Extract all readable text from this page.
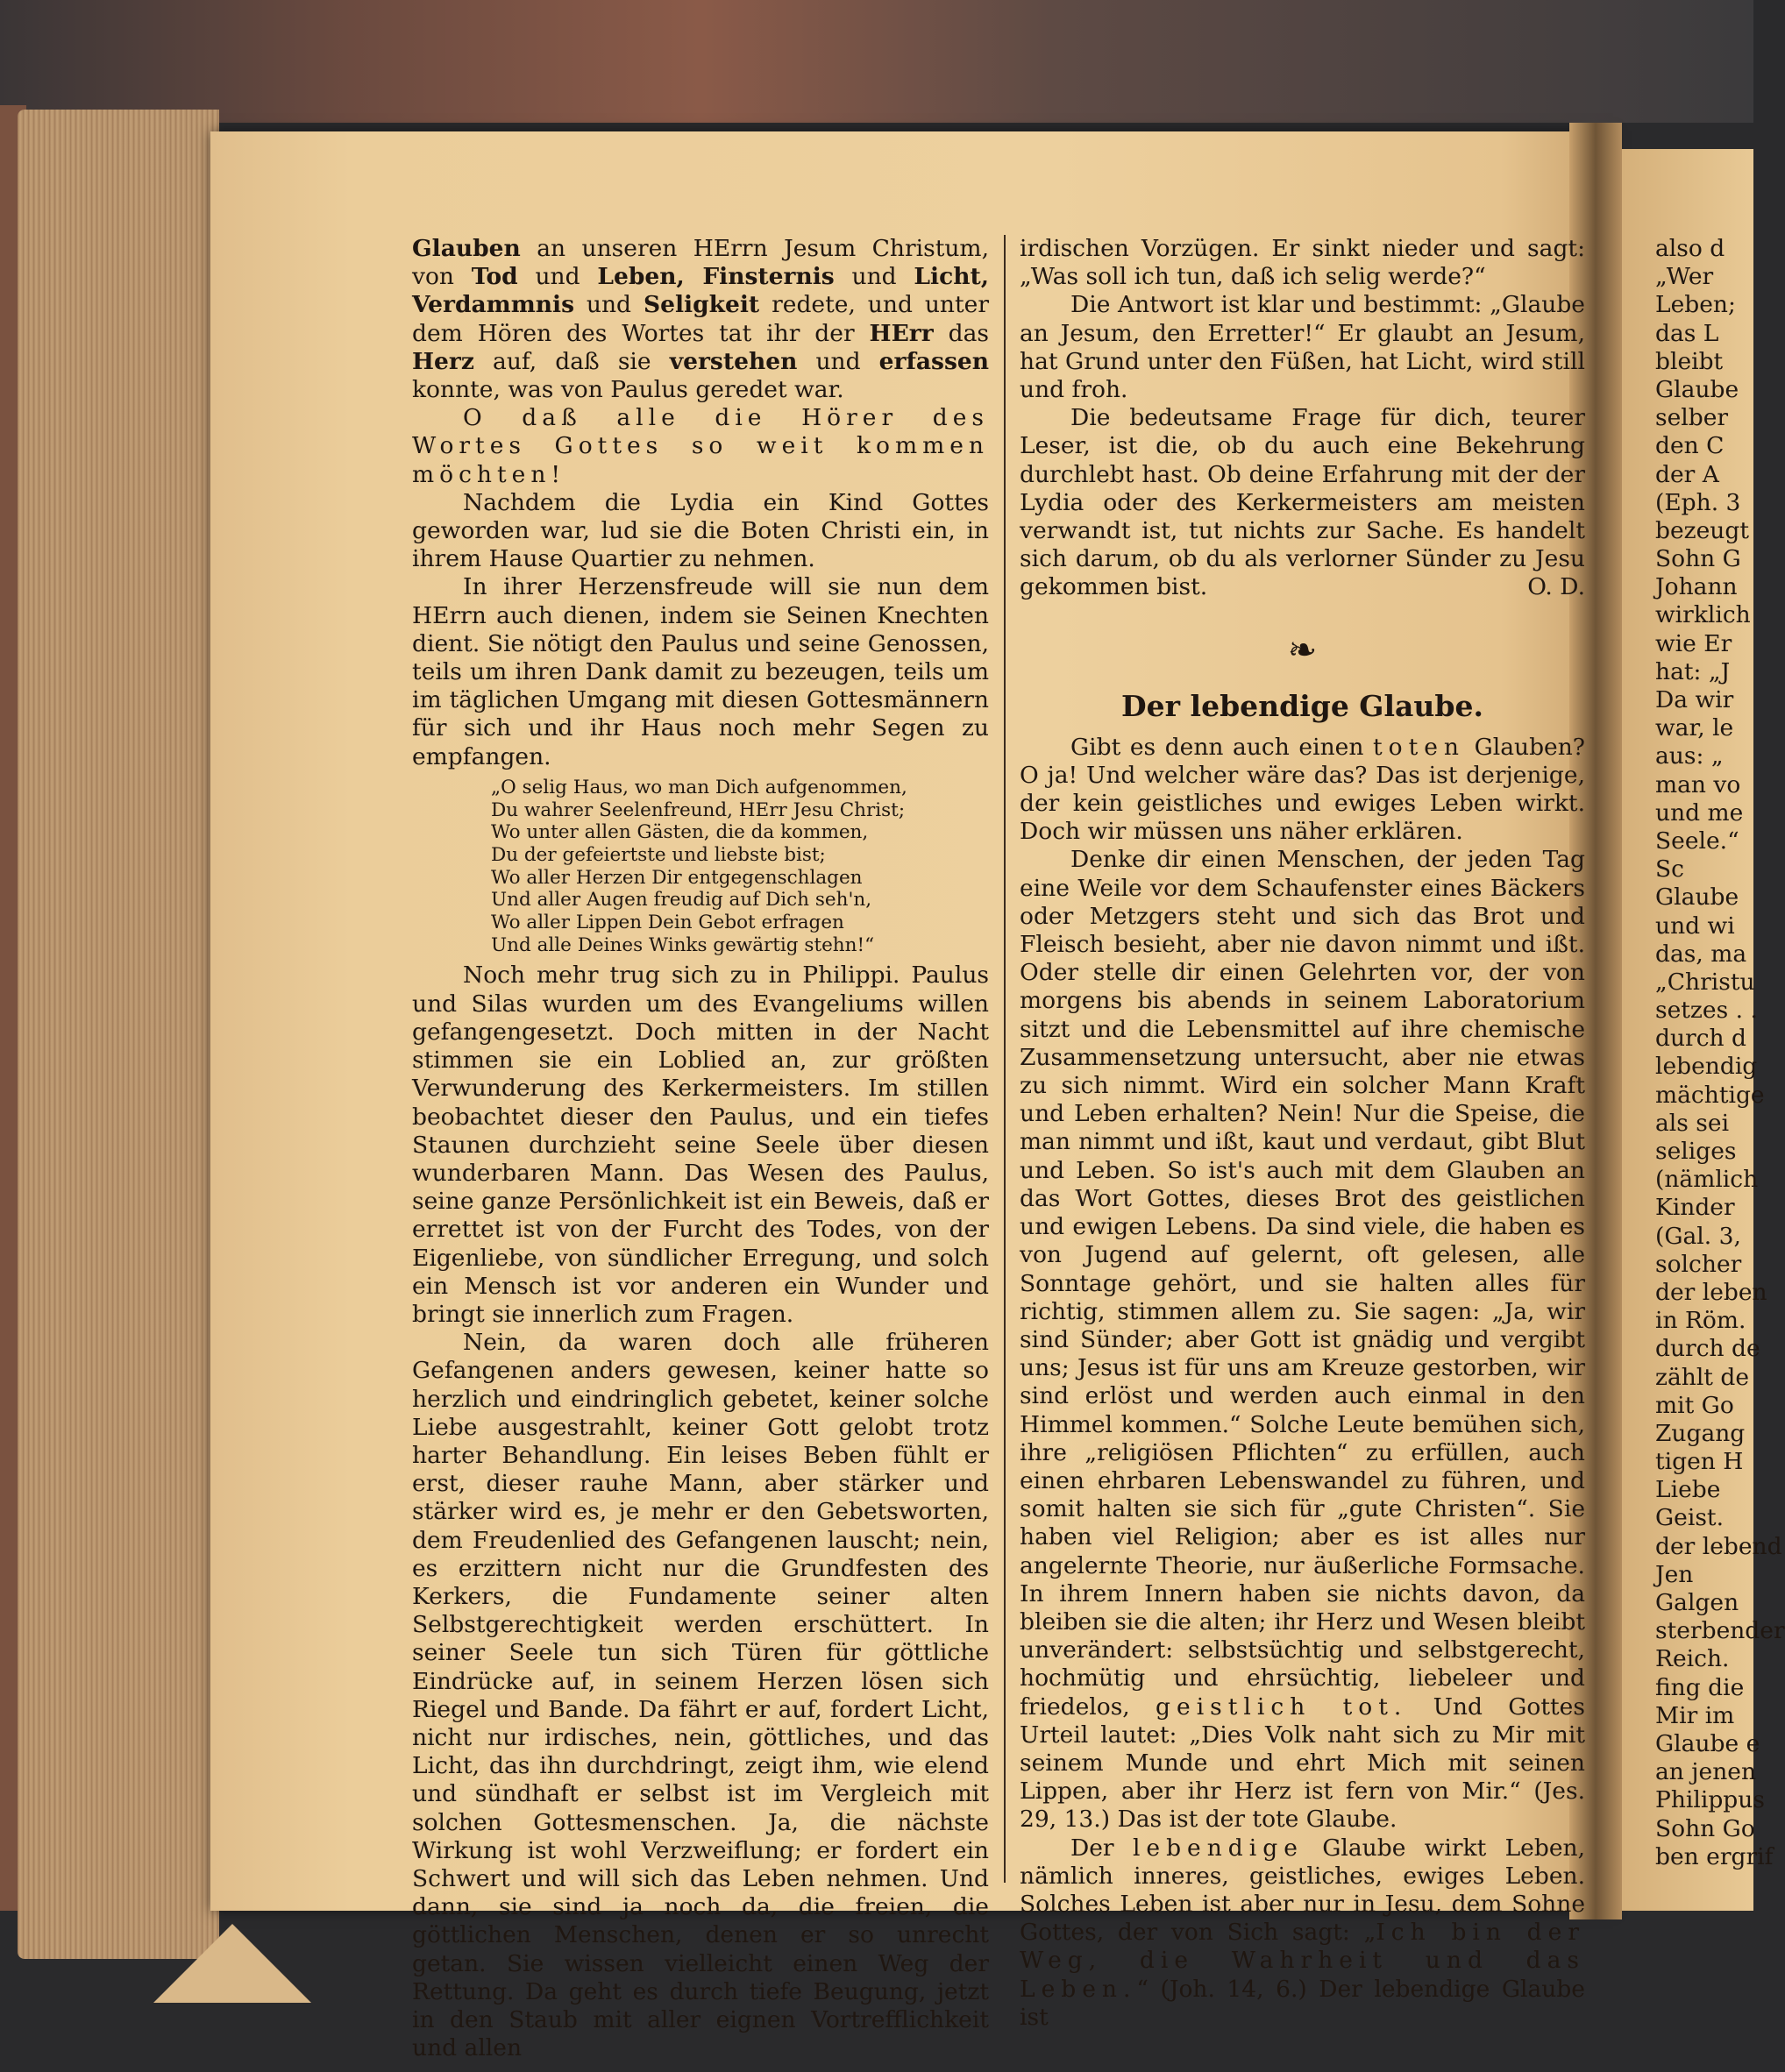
Glauben an unseren HErrn Jesum Christum, von Tod und Leben, Finsternis und Licht, Verdammnis und Seligkeit redete, und unter dem Hören des Wortes tat ihr der HErr das Herz auf, daß sie verstehen und erfassen konnte, was von Paulus geredet war.

O daß alle die Hörer des Wortes Gottes so weit kommen möchten!

Nachdem die Lydia ein Kind Gottes geworden war, lud sie die Boten Christi ein, in ihrem Hause Quartier zu nehmen.

In ihrer Herzensfreude will sie nun dem HErrn auch dienen, indem sie Seinen Knechten dient. Sie nötigt den Paulus und seine Genossen, teils um ihren Dank damit zu bezeugen, teils um im täglichen Umgang mit diesen Gottesmännern für sich und ihr Haus noch mehr Segen zu empfangen.

„O selig Haus, wo man Dich aufgenommen,
Du wahrer Seelenfreund, HErr Jesu Christ;
Wo unter allen Gästen, die da kommen,
Du der gefeiertste und liebste bist;
Wo aller Herzen Dir entgegenschlagen
Und aller Augen freudig auf Dich seh'n,
Wo aller Lippen Dein Gebot erfragen
Und alle Deines Winks gewärtig stehn!“

Noch mehr trug sich zu in Philippi. Paulus und Silas wurden um des Evangeliums willen gefangengesetzt. Doch mitten in der Nacht stimmen sie ein Loblied an, zur größten Verwunderung des Kerkermeisters. Im stillen beobachtet dieser den Paulus, und ein tiefes Staunen durchzieht seine Seele über diesen wunderbaren Mann. Das Wesen des Paulus, seine ganze Persönlichkeit ist ein Beweis, daß er errettet ist von der Furcht des Todes, von der Eigenliebe, von sündlicher Erregung, und solch ein Mensch ist vor anderen ein Wunder und bringt sie innerlich zum Fragen.

Nein, da waren doch alle früheren Gefangenen anders gewesen, keiner hatte so herzlich und eindringlich gebetet, keiner solche Liebe ausgestrahlt, keiner Gott gelobt trotz harter Behandlung. Ein leises Beben fühlt er erst, dieser rauhe Mann, aber stärker und stärker wird es, je mehr er den Gebetsworten, dem Freudenlied des Gefangenen lauscht; nein, es erzittern nicht nur die Grundfesten des Kerkers, die Fundamente seiner alten Selbstgerechtigkeit werden erschüttert. In seiner Seele tun sich Türen für göttliche Eindrücke auf, in seinem Herzen lösen sich Riegel und Bande. Da fährt er auf, fordert Licht, nicht nur irdisches, nein, göttliches, und das Licht, das ihn durchdringt, zeigt ihm, wie elend und sündhaft er selbst ist im Vergleich mit solchen Gottesmenschen. Ja, die nächste Wirkung ist wohl Verzweiflung; er fordert ein Schwert und will sich das Leben nehmen. Und dann, sie sind ja noch da, die freien, die göttlichen Menschen, denen er so unrecht getan. Sie wissen vielleicht einen Weg der Rettung. Da geht es durch tiefe Beugung, jetzt in den Staub mit aller eignen Vortrefflichkeit und allen

irdischen Vorzügen. Er sinkt nieder und sagt: „Was soll ich tun, daß ich selig werde?“

Die Antwort ist klar und bestimmt: „Glaube an Jesum, den Erretter!“ Er glaubt an Jesum, hat Grund unter den Füßen, hat Licht, wird still und froh.

Die bedeutsame Frage für dich, teurer Leser, ist die, ob du auch eine Bekehrung durchlebt hast. Ob deine Erfahrung mit der der Lydia oder des Kerkermeisters am meisten verwandt ist, tut nichts zur Sache. Es handelt sich darum, ob du als verlorner Sünder zu Jesu gekommen bist.	O. D.

❧
Der lebendige Glaube.

Gibt es denn auch einen toten Glauben? O ja! Und welcher wäre das? Das ist derjenige, der kein geistliches und ewiges Leben wirkt. Doch wir müssen uns näher erklären.

Denke dir einen Menschen, der jeden Tag eine Weile vor dem Schaufenster eines Bäckers oder Metzgers steht und sich das Brot und Fleisch besieht, aber nie davon nimmt und ißt. Oder stelle dir einen Gelehrten vor, der von morgens bis abends in seinem Laboratorium sitzt und die Lebensmittel auf ihre chemische Zusammensetzung untersucht, aber nie etwas zu sich nimmt. Wird ein solcher Mann Kraft und Leben erhalten? Nein! Nur die Speise, die man nimmt und ißt, kaut und verdaut, gibt Blut und Leben. So ist's auch mit dem Glauben an das Wort Gottes, dieses Brot des geistlichen und ewigen Lebens. Da sind viele, die haben es von Jugend auf gelernt, oft gelesen, alle Sonntage gehört, und sie halten alles für richtig, stimmen allem zu. Sie sagen: „Ja, wir sind Sünder; aber Gott ist gnädig und vergibt uns; Jesus ist für uns am Kreuze gestorben, wir sind erlöst und werden auch einmal in den Himmel kommen.“ Solche Leute bemühen sich, ihre „religiösen Pflichten“ zu erfüllen, auch einen ehrbaren Lebenswandel zu führen, und somit halten sie sich für „gute Christen“. Sie haben viel Religion; aber es ist alles nur angelernte Theorie, nur äußerliche Formsache. In ihrem Innern haben sie nichts davon, da bleiben sie die alten; ihr Herz und Wesen bleibt unverändert: selbstsüchtig und selbstgerecht, hochmütig und ehrsüchtig, liebeleer und friedelos, geistlich tot. Und Gottes Urteil lautet: „Dies Volk naht sich zu Mir mit seinem Munde und ehrt Mich mit seinen Lippen, aber ihr Herz ist fern von Mir.“ (Jes. 29, 13.) Das ist der tote Glaube.

Der lebendige Glaube wirkt Leben, nämlich inneres, geistliches, ewiges Leben. Solches Leben ist aber nur in Jesu, dem Sohne Gottes, der von Sich sagt: „Ich bin der Weg, die Wahrheit und das Leben.“ (Joh. 14, 6.) Der lebendige Glaube ist

also d
„Wer
Leben;
das L
bleibt
Glaube
selber
den C
der A
(Eph. 3
bezeugt
Sohn G
Johann
wirklich
wie Er
hat: „J
Da wir
war, le
aus: „
man vo
und me
Seele.“
Sc
Glaube
und wi
das, ma
„Christu
setzes . .
durch d
lebendig
mächtige
als sei
seliges
(nämlich
Kinder
(Gal. 3,
solcher
der leben
in Röm.
durch de
zählt de
mit Go
Zugang
tigen H
Liebe
Geist.
der lebend
Jen
Galgen
sterbender
Reich.
fing die
Mir im
Glaube e
an jenen
Philippus
Sohn Go
ben ergrif
